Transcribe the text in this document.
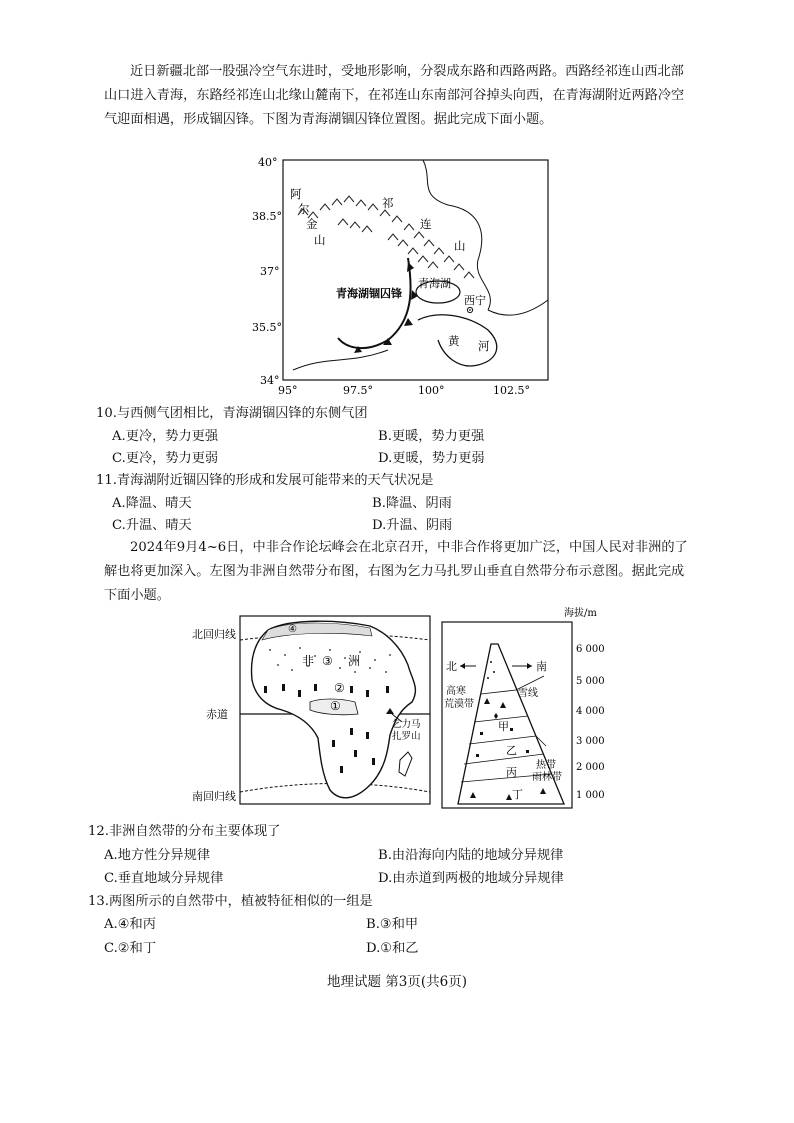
近日新疆北部一股强冷空气东进时，受地形影响，分裂成东路和西路两路。西路经祁连山西北部山口进入青海，东路经祁连山北缘山麓南下，在祁连山东南部河谷掉头向西，在青海湖附近两路冷空气迎面相遇，形成锢囚锋。下图为青海湖锢囚锋位置图。据此完成下面小题。
40°
38.5°
37°
35.5°
34°
95°	97.5°	100°	102.5°
阿
尔
金
山
祁
连
山
青海湖锢囚锋
青海湖
西宁
黄 河
10.与西侧气团相比，青海湖锢囚锋的东侧气团
A.更冷，势力更强	B.更暖，势力更强
C.更冷，势力更弱	D.更暖，势力更弱
11.青海湖附近锢囚锋的形成和发展可能带来的天气状况是
A.降温、晴天	B.降温、阴雨
C.升温、晴天	D.升温、阴雨
2024年9月4~6日，中非合作论坛峰会在北京召开，中非合作将更加广泛，中国人民对非洲的了解也将更加深入。左图为非洲自然带分布图，右图为乞力马扎罗山垂直自然带分布示意图。据此完成下面小题。
北回归线
赤道
南回归线
④
非 ③ 洲
②
①
乞力马
扎罗山
海拔/m
6 000
5 000
4 000
3 000
2 000
1 000
北	南
高寒
荒漠带
雪线
甲
乙
丙
丁
热带
雨林带
12.非洲自然带的分布主要体现了
A.地方性分异规律	B.由沿海向内陆的地域分异规律
C.垂直地域分异规律	D.由赤道到两极的地域分异规律
13.两图所示的自然带中，植被特征相似的一组是
A.④和丙	B.③和甲
C.②和丁	D.①和乙
地理试题 第3页(共6页)
